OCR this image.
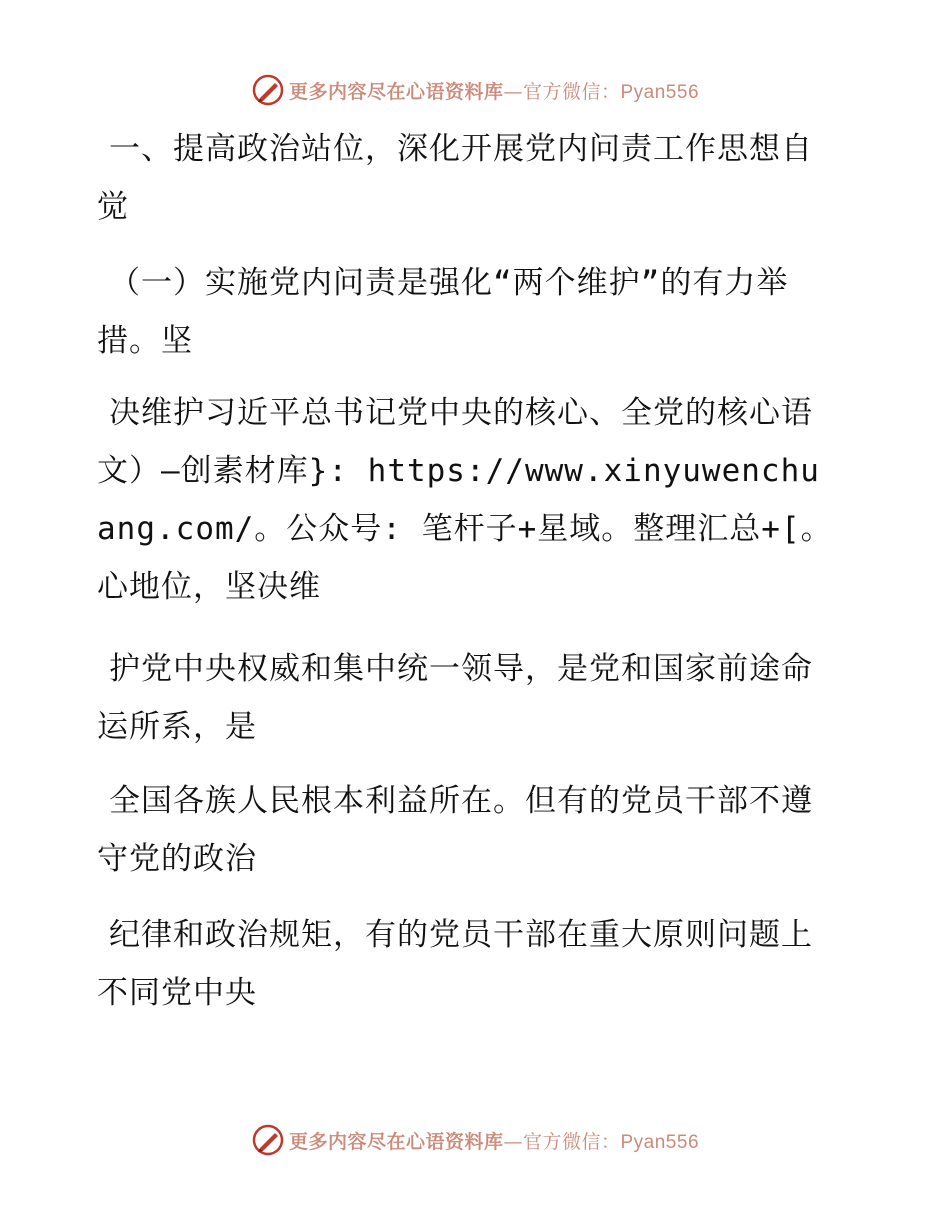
更多内容尽在心语资料库—官方微信：Pyan556

一、提高政治站位，深化开展党内问责工作思想自觉

（一）实施党内问责是强化“两个维护”的有力举措。坚

决维护习近平总书记党中央的核心、全党的核心语文）—创素材库}: https://www.xinyuwenchuang.com/。公众号: 笔杆子+星域。整理汇总+[。心地位，坚决维

护党中央权威和集中统一领导，是党和国家前途命运所系，是

全国各族人民根本利益所在。但有的党员干部不遵守党的政治

纪律和政治规矩，有的党员干部在重大原则问题上不同党中央

更多内容尽在心语资料库—官方微信：Pyan556
